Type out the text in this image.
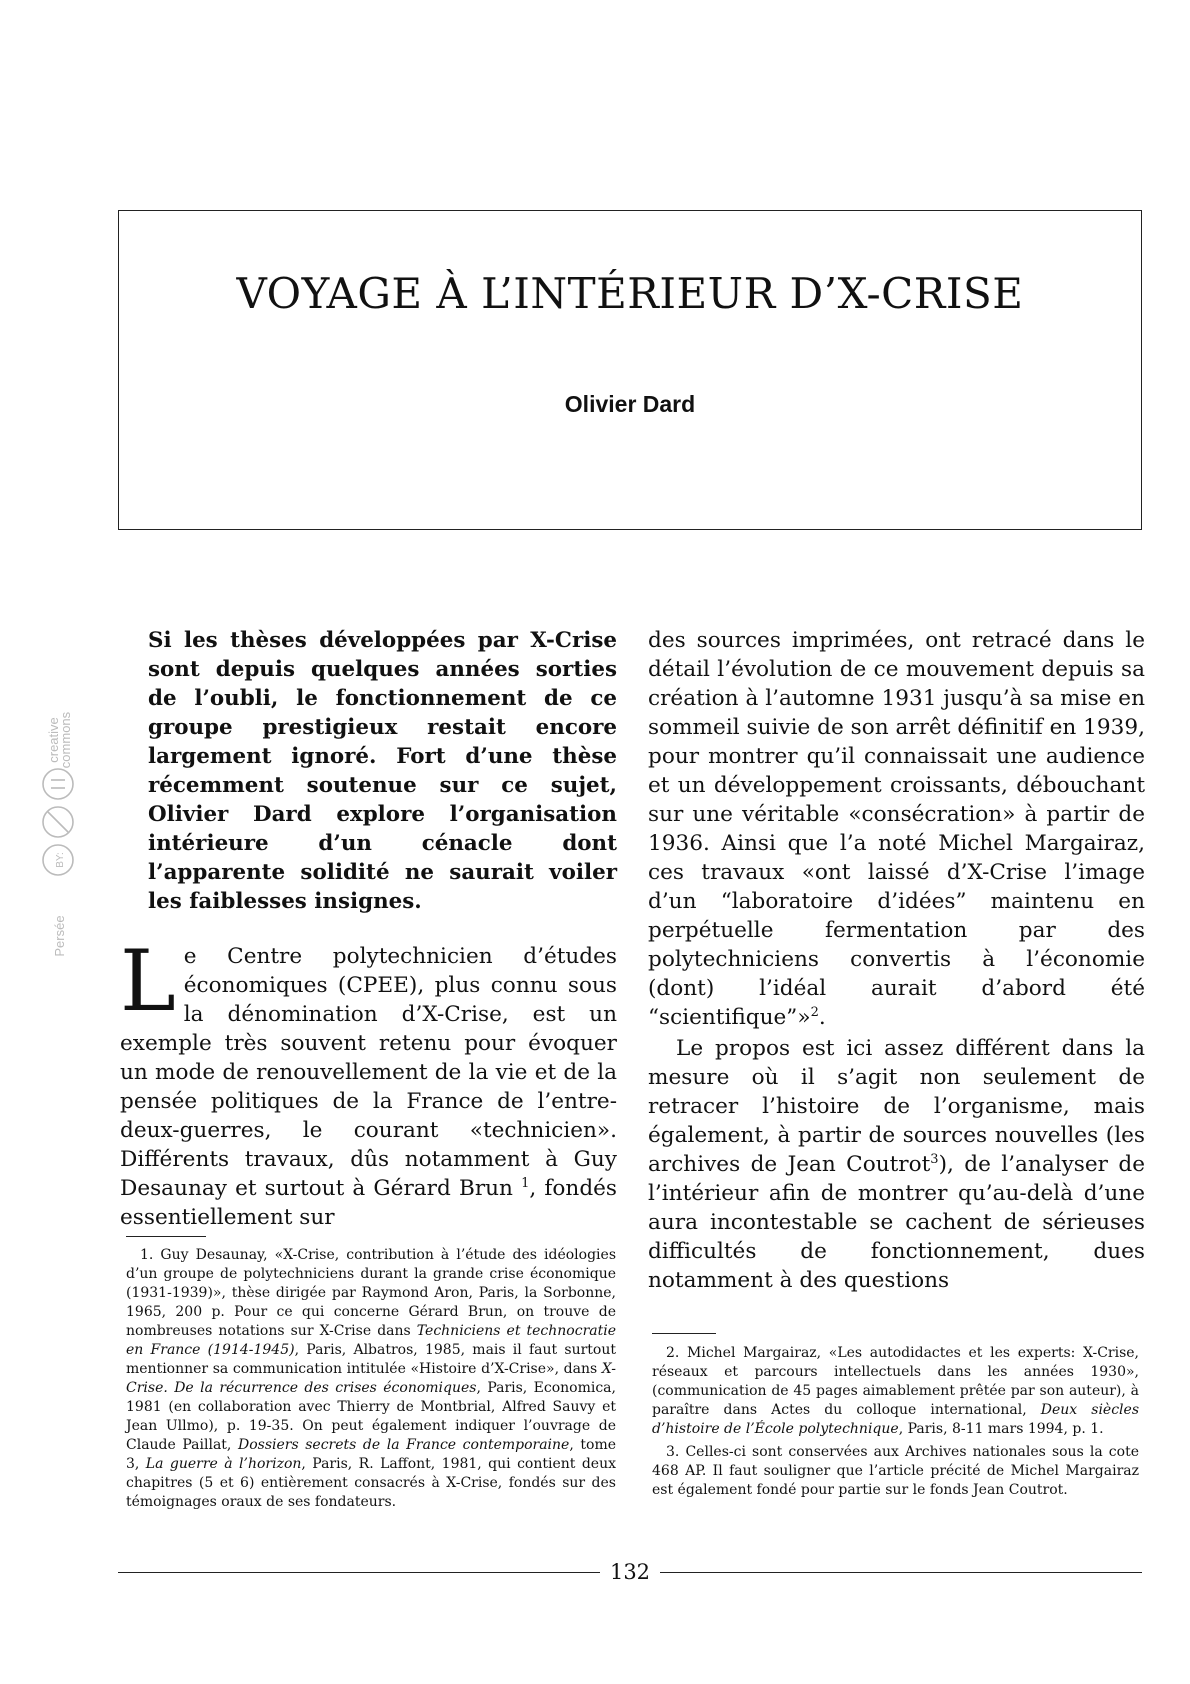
VOYAGE À L’INTÉRIEUR D’X-CRISE
Olivier Dard
creative
commons
BY:
Persée

Si les thèses développées par X-Crise sont depuis quelques années sorties de l’oubli, le fonctionnement de ce groupe prestigieux restait encore largement ignoré. Fort d’une thèse récemment soutenue sur ce sujet, Olivier Dard explore l’organisation intérieure d’un cénacle dont l’apparente solidité ne saurait voiler les faiblesses insignes.

Le Centre polytechnicien d’études économiques (CPEE), plus connu sous la dénomination d’X-Crise, est un exemple très souvent retenu pour évoquer un mode de renouvellement de la vie et de la pensée politiques de la France de l’entre-deux-guerres, le courant «technicien». Différents travaux, dûs notamment à Guy Desaunay et surtout à Gérard Brun $^1$, fondés essentiellement sur

des sources imprimées, ont retracé dans le détail l’évolution de ce mouvement depuis sa création à l’automne 1931 jusqu’à sa mise en sommeil suivie de son arrêt définitif en 1939, pour montrer qu’il connaissait une audience et un développement croissants, débouchant sur une véritable «consécration» à partir de 1936. Ainsi que l’a noté Michel Margairaz, ces travaux «ont laissé d’X-Crise l’image d’un “laboratoire d’idées” maintenu en perpétuelle fermentation par des polytechniciens convertis à l’économie (dont) l’idéal aurait d’abord été “scientifique”»$^2$.

Le propos est ici assez différent dans la mesure où il s’agit non seulement de retracer l’histoire de l’organisme, mais également, à partir de sources nouvelles (les archives de Jean Coutrot$^3$), de l’analyser de l’intérieur afin de montrer qu’au-delà d’une aura incontestable se cachent de sérieuses difficultés de fonctionnement, dues notamment à des questions

1. Guy Desaunay, «X-Crise, contribution à l’étude des idéologies d’un groupe de polytechniciens durant la grande crise économique (1931-1939)», thèse dirigée par Raymond Aron, Paris, la Sorbonne, 1965, 200 p. Pour ce qui concerne Gérard Brun, on trouve de nombreuses notations sur X-Crise dans Techniciens et technocratie en France (1914-1945), Paris, Albatros, 1985, mais il faut surtout mentionner sa communication intitulée «Histoire d’X-Crise», dans X-Crise. De la récurrence des crises économiques, Paris, Economica, 1981 (en collaboration avec Thierry de Montbrial, Alfred Sauvy et Jean Ullmo), p. 19-35. On peut également indiquer l’ouvrage de Claude Paillat, Dossiers secrets de la France contemporaine, tome 3, La guerre à l’horizon, Paris, R. Laffont, 1981, qui contient deux chapitres (5 et 6) entièrement consacrés à X-Crise, fondés sur des témoignages oraux de ses fondateurs.

2. Michel Margairaz, «Les autodidactes et les experts: X-Crise, réseaux et parcours intellectuels dans les années 1930», (communication de 45 pages aimablement prêtée par son auteur), à paraître dans Actes du colloque international, Deux siècles d’histoire de l’École polytechnique, Paris, 8-11 mars 1994, p. 1.

3. Celles-ci sont conservées aux Archives nationales sous la cote 468 AP. Il faut souligner que l’article précité de Michel Margairaz est également fondé pour partie sur le fonds Jean Coutrot.

132
